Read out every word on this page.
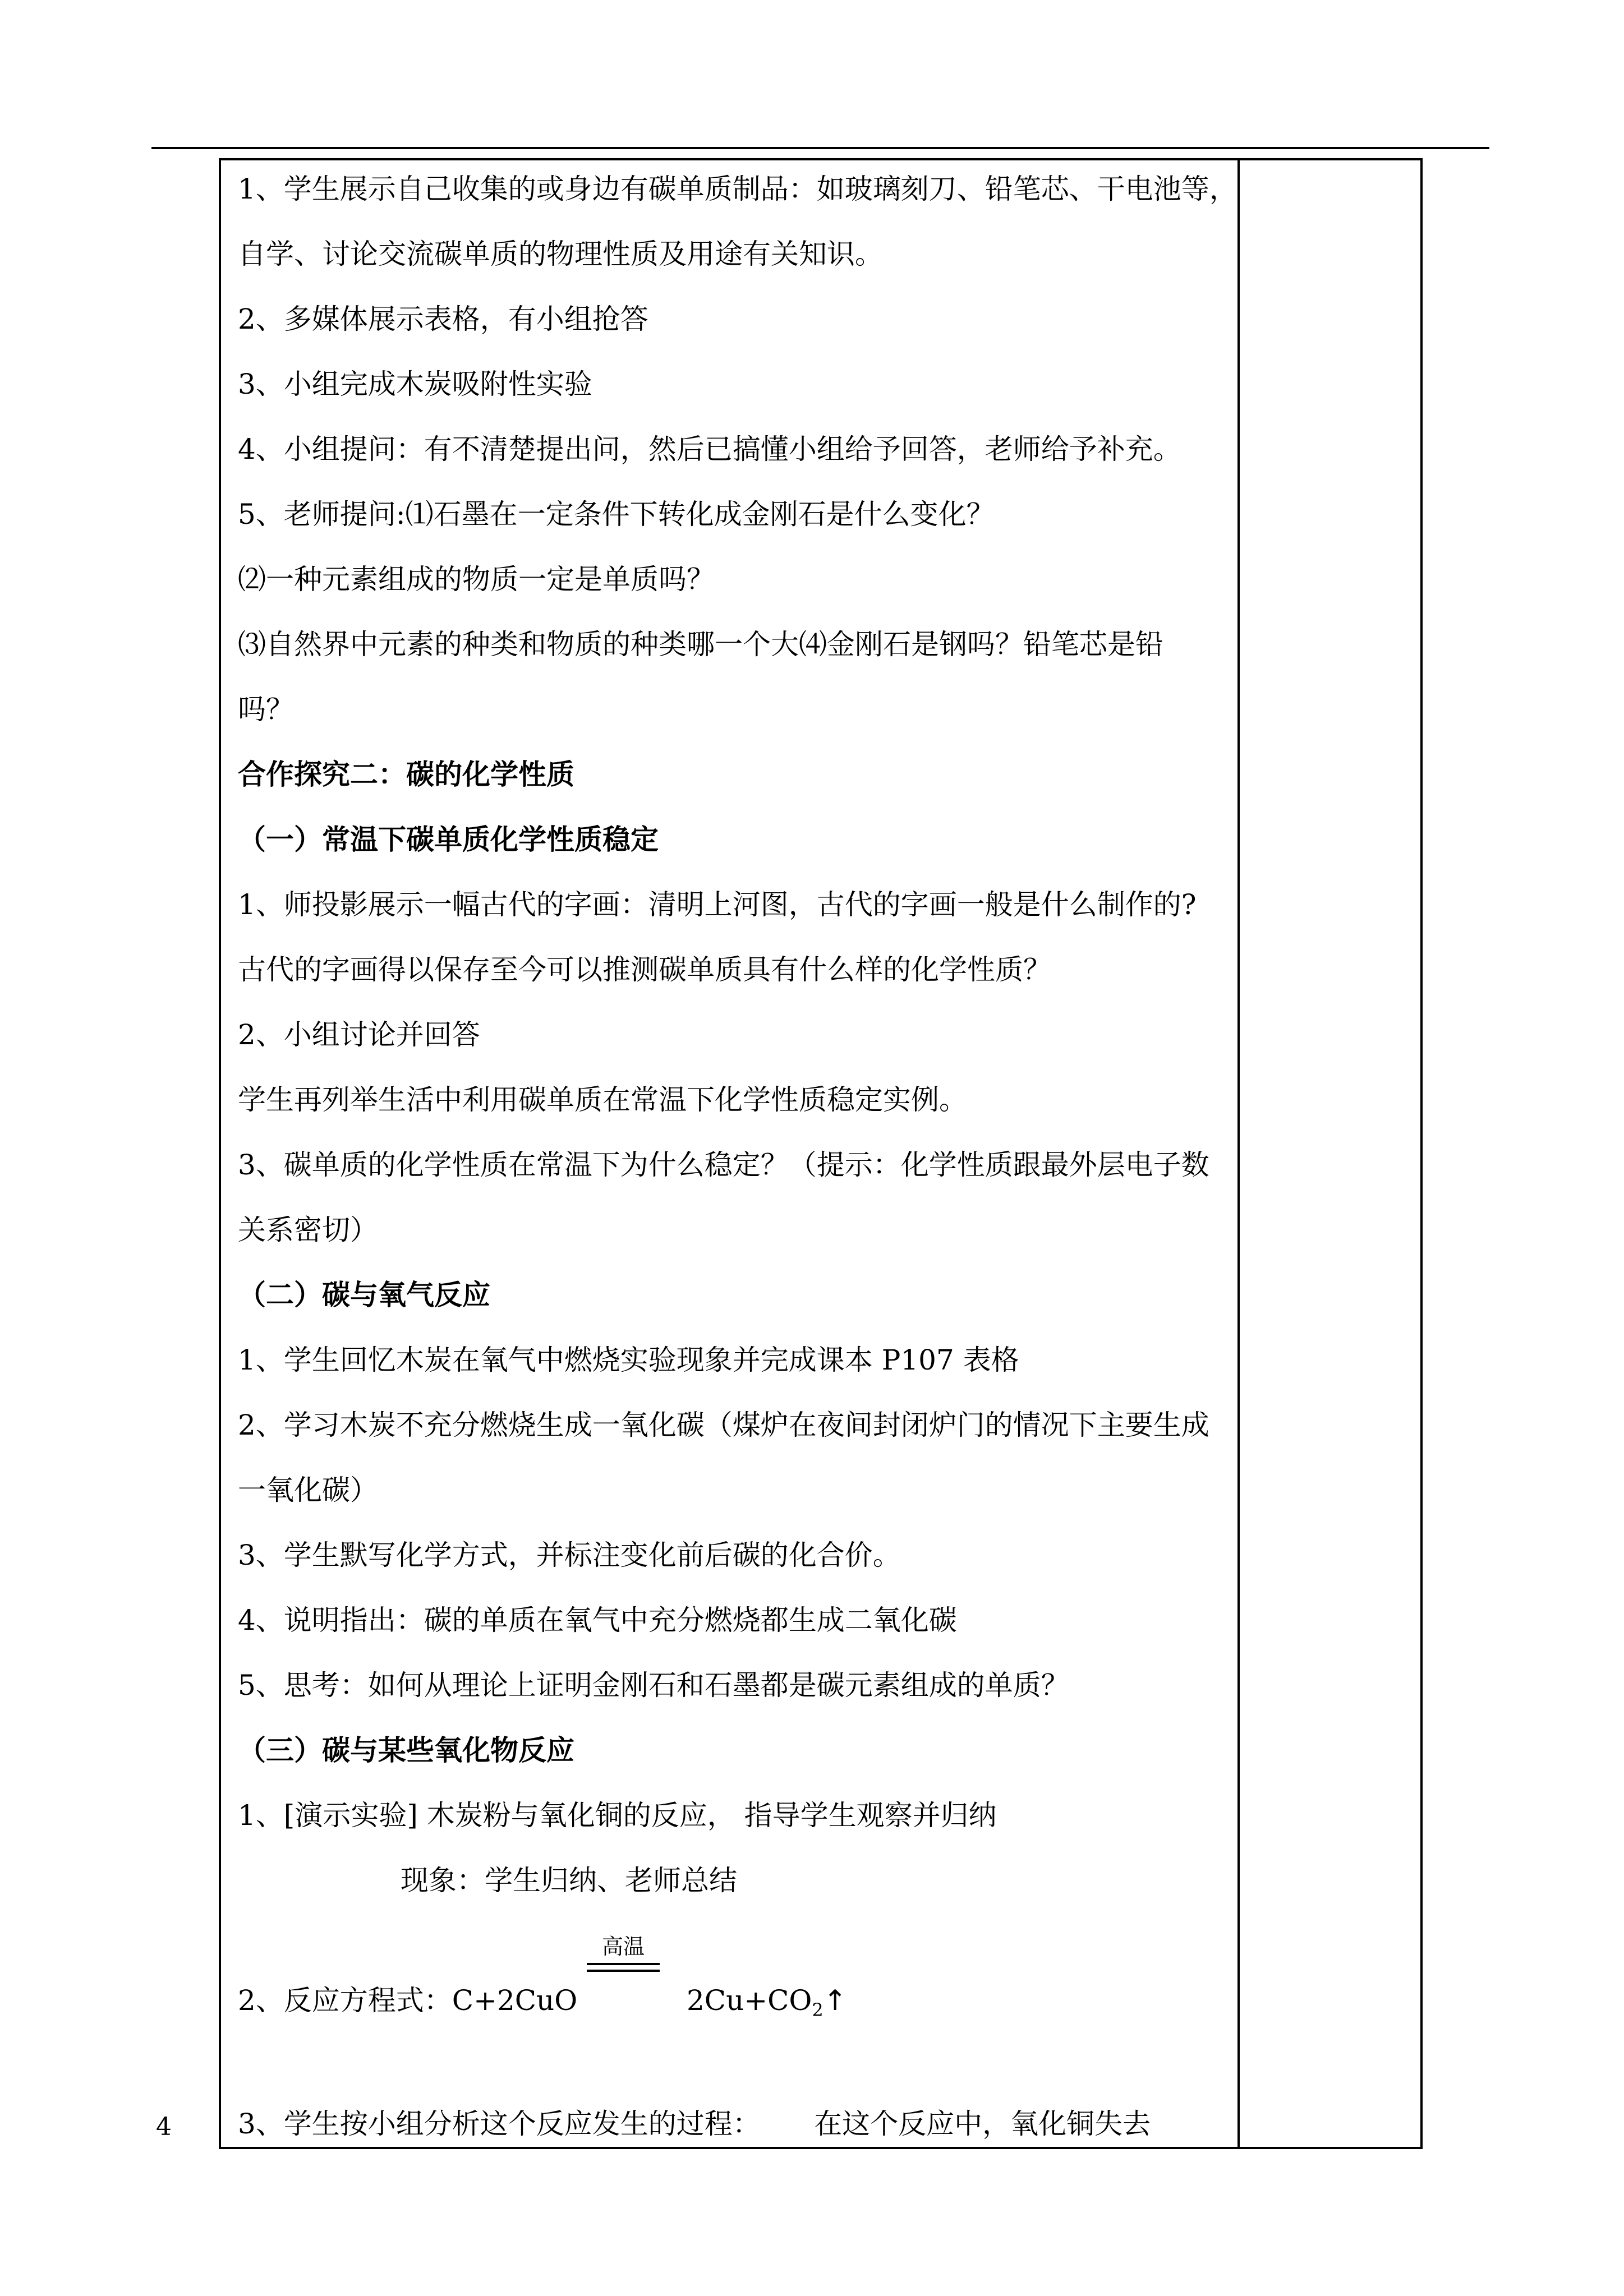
1、学生展示自己收集的或身边有碳单质制品：如玻璃刻刀、铅笔芯、干电池等，
自学、讨论交流碳单质的物理性质及用途有关知识。
2、多媒体展示表格，有小组抢答
3、小组完成木炭吸附性实验
4、小组提问：有不清楚提出问，然后已搞懂小组给予回答，老师给予补充。
5、老师提问:⑴石墨在一定条件下转化成金刚石是什么变化？
⑵一种元素组成的物质一定是单质吗？
⑶自然界中元素的种类和物质的种类哪一个大⑷金刚石是钢吗？铅笔芯是铅
吗？
合作探究二：碳的化学性质
（一）常温下碳单质化学性质稳定
1、师投影展示一幅古代的字画：清明上河图，古代的字画一般是什么制作的?
古代的字画得以保存至今可以推测碳单质具有什么样的化学性质？
2、小组讨论并回答
学生再列举生活中利用碳单质在常温下化学性质稳定实例。
3、碳单质的化学性质在常温下为什么稳定？（提示：化学性质跟最外层电子数
关系密切）
（二）碳与氧气反应
1、学生回忆木炭在氧气中燃烧实验现象并完成课本 P107 表格
2、学习木炭不充分燃烧生成一氧化碳（煤炉在夜间封闭炉门的情况下主要生成
一氧化碳）
3、学生默写化学方式，并标注变化前后碳的化合价。
4、说明指出：碳的单质在氧气中充分燃烧都生成二氧化碳
5、思考：如何从理论上证明金刚石和石墨都是碳元素组成的单质？
（三）碳与某些氧化物反应
1、[演示实验] 木炭粉与氧化铜的反应， 指导学生观察并归纳
现象：学生归纳、老师总结
2、反应方程式：C+2CuO
高温
$2Cu+CO_2↑$
3、学生按小组分析这个反应发生的过程：      在这个反应中，氧化铜失去
4
